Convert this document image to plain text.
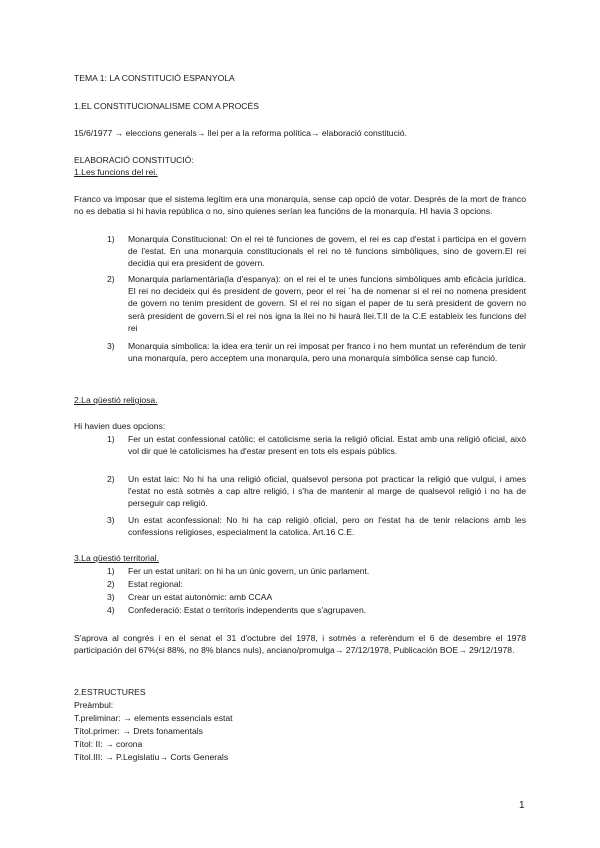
TEMA 1: LA CONSTITUCIÓ ESPANYOLA
1.EL CONSTITUCIONALISME COM A PROCÉS
15/6/1977 → eleccions generals→ llei per a la reforma política→ elaboració constitució.
ELABORACIÓ CONSTITUCIÓ:
1.Les funcions del rei.
Franco va imposar que el sistema legítim era una monarquía, sense cap opció de votar. Després de la mort de franco no es debatia si hi havia república o no, sino quienes serían lea funcións de la monarquía. HI havia 3 opcions.
1) Monarquia Constitucional: On el rei té funciones de govern, el rei es cap d'estat i participa en el govern de l'estat. En una monarquia constitucionals el rei no té funcions simbòliques, sino de govern.El rei decidia qui era president de govern.
2) Monarquia parlamentària(la d'espanya): on el rei el te unes funcions simbòliques amb eficàcia jurídica. El rei no decideix qui és president de govern, peor el rei ´ha de nomenar si el rei no nomena president de govern no tenim president de govern. SI el rei no sigan el paper de tu serà president de govern no serà president de govern.Si el rei nos igna la llei no hi haurà llei.T.II de la C.E estableix les funcions del rei
3) Monarquia simbolica: la idea era tenir un rei imposat per franco i no hem muntat un referéndum de tenir una monarquía, pero acceptem una monarquía, pero una monarquía simbólica sense cap funció.
2.La qüestió religiosa.
Hi havien dues opcions:
1) Fer un estat confessional catòlic: el catolicisme seria la religió oficial. Estat amb una religió oficial, això vol dir que le catolicismes ha d'estar present en tots els espais públics.
2) Un estat laic: No hi ha una religió oficial, qualsevol persona pot practicar la religió que vulgui, i ames l'estat no està sotmès a cap altre religió, i s'ha de mantenir al marge de qualsevol religió i no ha de perseguir cap religió.
3) Un estat aconfessional: No hi ha cap religió oficial, pero on l'estat ha de tenir relacions amb les confessions religioses, especialment la catolica. Art.16 C.E.
3.La qüestió territorial.
1) Fer un estat unitari: on hi ha un únic govern, un únic parlament.
2) Estat regional:
3) Crear un estat autonòmic: amb CCAA
4) Confederació: Estat o territoris independents que s'agrupaven.
S'aprova al congrés i en el senat el 31 d'octubre del 1978, i sotmès a referèndum el 6 de desembre el 1978 participación del 67%(si 88%, no 8% blancs nuls), anciano/promulga→ 27/12/1978, Publicación BOE→ 29/12/1978.
2.ESTRUCTURES
Preàmbul:
T.preliminar: → elements essencials estat
Títol.primer: → Drets fonamentals
Títol: II: → corona
Títol.III: → P.Legislatiu→ Corts Generals
1
